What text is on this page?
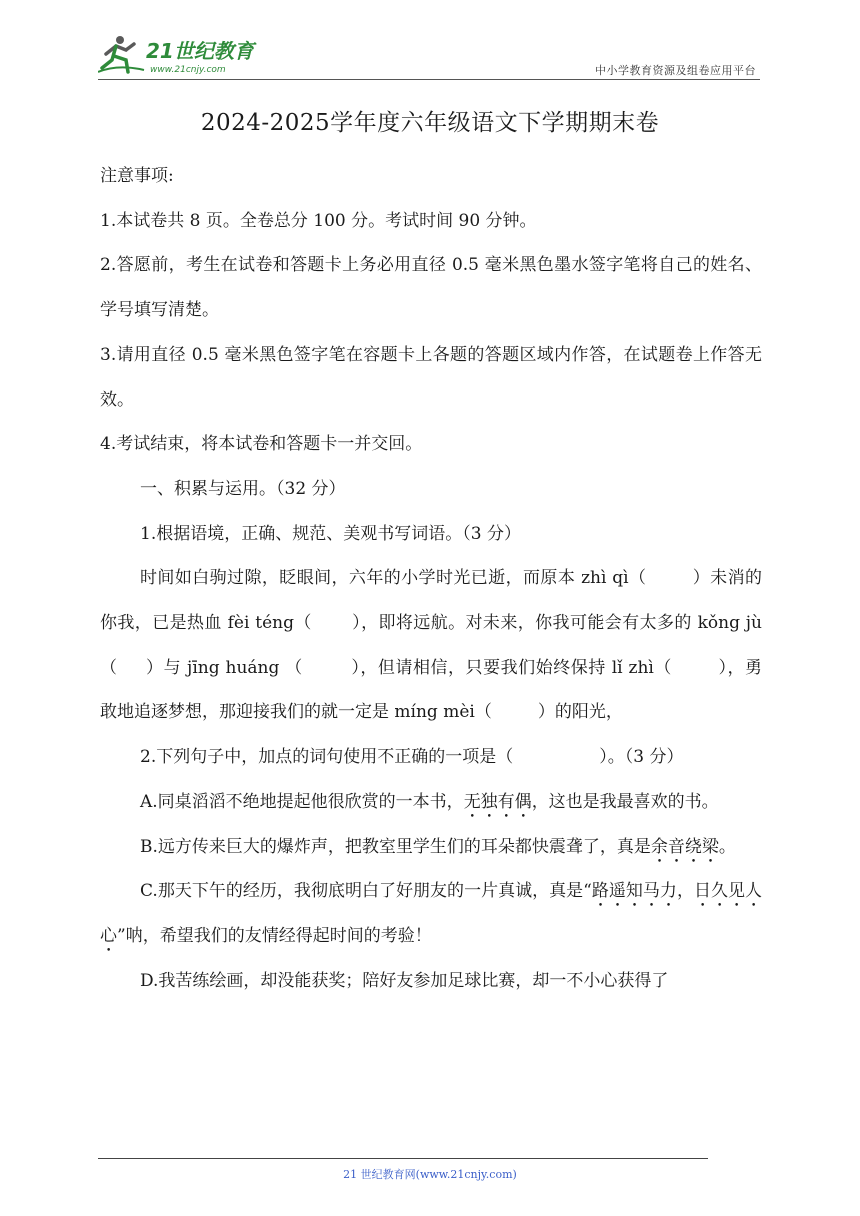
21世纪教育
www.21cnjy.com	中小学教育资源及组卷应用平台
2024-2025学年度六年级语文下学期期末卷

注意事项:

1.本试卷共 8 页。全卷总分 100 分。考试时间 90 分钟。

2.答愿前，考生在试卷和答题卡上务必用直径 0.5 毫米黑色墨水签字笔将自己的姓名、学号填写清楚。

3.请用直径 0.5 毫米黑色签字笔在容题卡上各题的答题区域内作答，在试题卷上作答无效。

4.考试结束，将本试卷和答题卡一并交回。

一、积累与运用。（32 分）

1.根据语境，正确、规范、美观书写词语。（3 分）

时间如白驹过隙，眨眼间，六年的小学时光已逝，而原本 zhì qì（	）未消的你我，已是热血 fèi téng（ ），即将远航。对未来，你我可能会有太多的 kǒng jù（ ）与 jīng huáng （	），但请相信，只要我们始终保持 lǐ zhì（	），勇敢地追逐梦想，那迎接我们的就一定是 míng mèi（	）的阳光，

2.下列句子中，加点的词句使用不正确的一项是（	）。（3 分）

A.同桌滔滔不绝地提起他很欣赏的一本书，无独有偶，这也是我最喜欢的书。

B.远方传来巨大的爆炸声，把教室里学生们的耳朵都快震聋了，真是余音绕梁。

C.那天下午的经历，我彻底明白了好朋友的一片真诚，真是“路遥知马力，日久见人心”呐，希望我们的友情经得起时间的考验！

D.我苦练绘画，却没能获奖；陪好友参加足球比赛，却一不小心获得了

21 世纪教育网(www.21cnjy.com)
